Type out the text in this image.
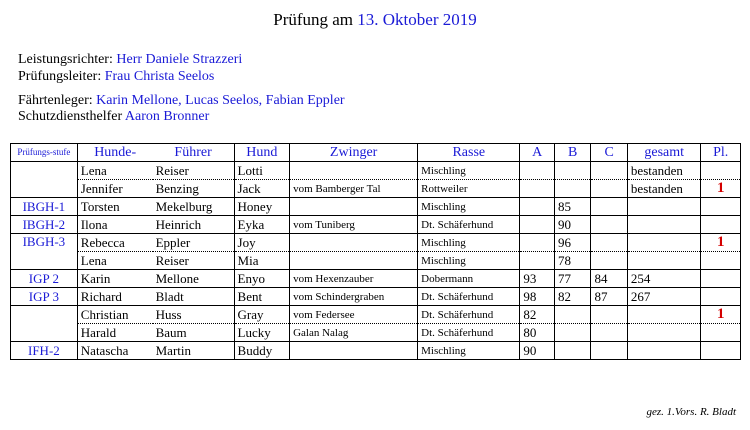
Prüfung am 13. Oktober 2019
Leistungsrichter: Herr Daniele Strazzeri
Prüfungsleiter: Frau Christa Seelos
Fährtenleger: Karin Mellone, Lucas Seelos, Fabian Eppler
Schutzdiensthelfer Aaron Bronner
Prüfungs-stufe	Hunde-	Führer	Hund	Zwinger	Rasse	A	B	C	gesamt	Pl.
	Lena	Reiser	Lotti		Mischling				bestanden	
	Jennifer	Benzing	Jack	vom Bamberger Tal	Rottweiler				bestanden	1
IBGH-1	Torsten	Mekelburg	Honey		Mischling		85			
IBGH-2	Ilona	Heinrich	Eyka	vom Tuniberg	Dt. Schäferhund		90			
IBGH-3	Rebecca	Eppler	Joy		Mischling		96			1
	Lena	Reiser	Mia		Mischling		78			
IGP 2	Karin	Mellone	Enyo	vom Hexenzauber	Dobermann	93	77	84	254	
IGP 3	Richard	Bladt	Bent	vom Schindergraben	Dt. Schäferhund	98	82	87	267	
	Christian	Huss	Gray	vom Federsee	Dt. Schäferhund	82				1
	Harald	Baum	Lucky	Galan Nalag	Dt. Schäferhund	80				
IFH-2	Natascha	Martin	Buddy		Mischling	90				
gez. 1.Vors. R. Bladt
